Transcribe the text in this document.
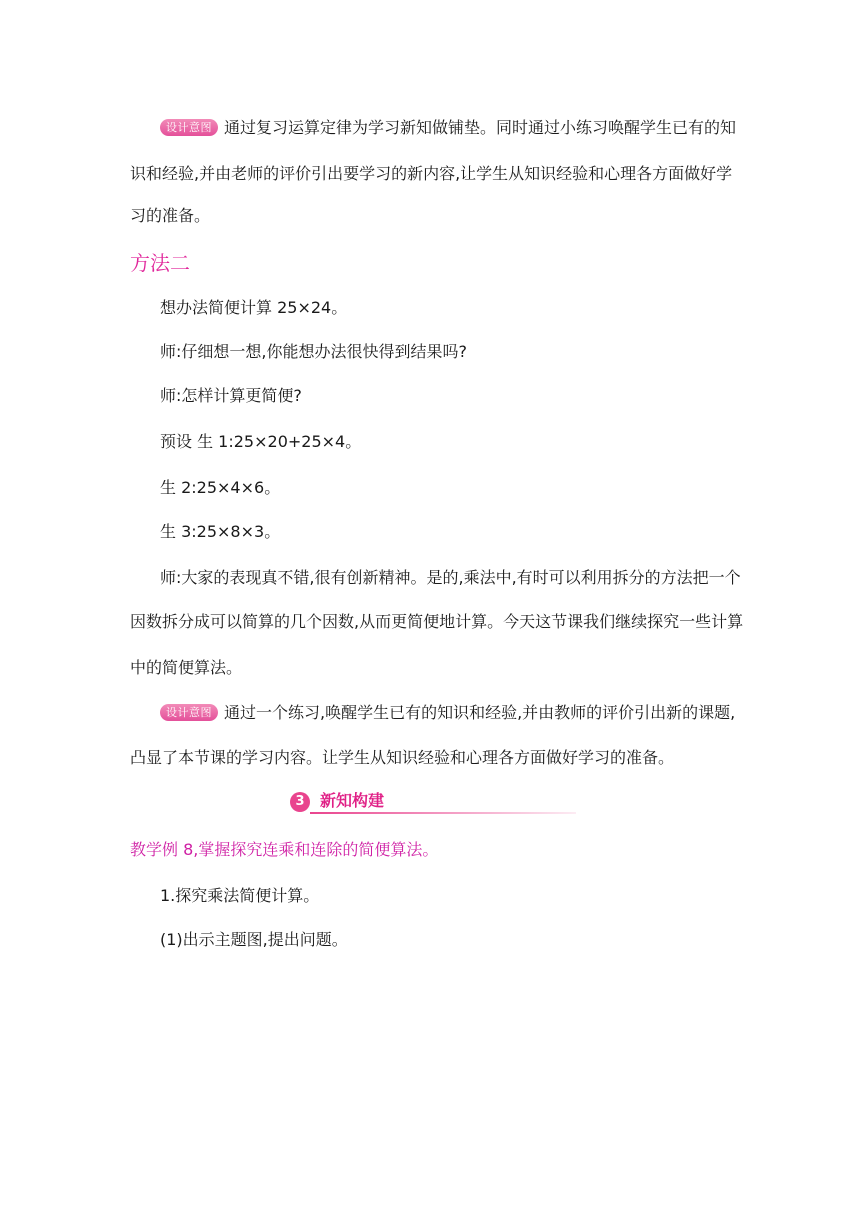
设计意图 通过复习运算定律为学习新知做铺垫。同时通过小练习唤醒学生已有的知
识和经验,并由老师的评价引出要学习的新内容,让学生从知识经验和心理各方面做好学
习的准备。
方法二
想办法简便计算 25×24。
师:仔细想一想,你能想办法很快得到结果吗?
师:怎样计算更简便?
预设 生 1:25×20+25×4。
生 2:25×4×6。
生 3:25×8×3。
师:大家的表现真不错,很有创新精神。是的,乘法中,有时可以利用拆分的方法把一个
因数拆分成可以简算的几个因数,从而更简便地计算。今天这节课我们继续探究一些计算
中的简便算法。
设计意图 通过一个练习,唤醒学生已有的知识和经验,并由教师的评价引出新的课题,
凸显了本节课的学习内容。让学生从知识经验和心理各方面做好学习的准备。
3 新知构建
教学例 8,掌握探究连乘和连除的简便算法。
1.探究乘法简便计算。
(1)出示主题图,提出问题。
